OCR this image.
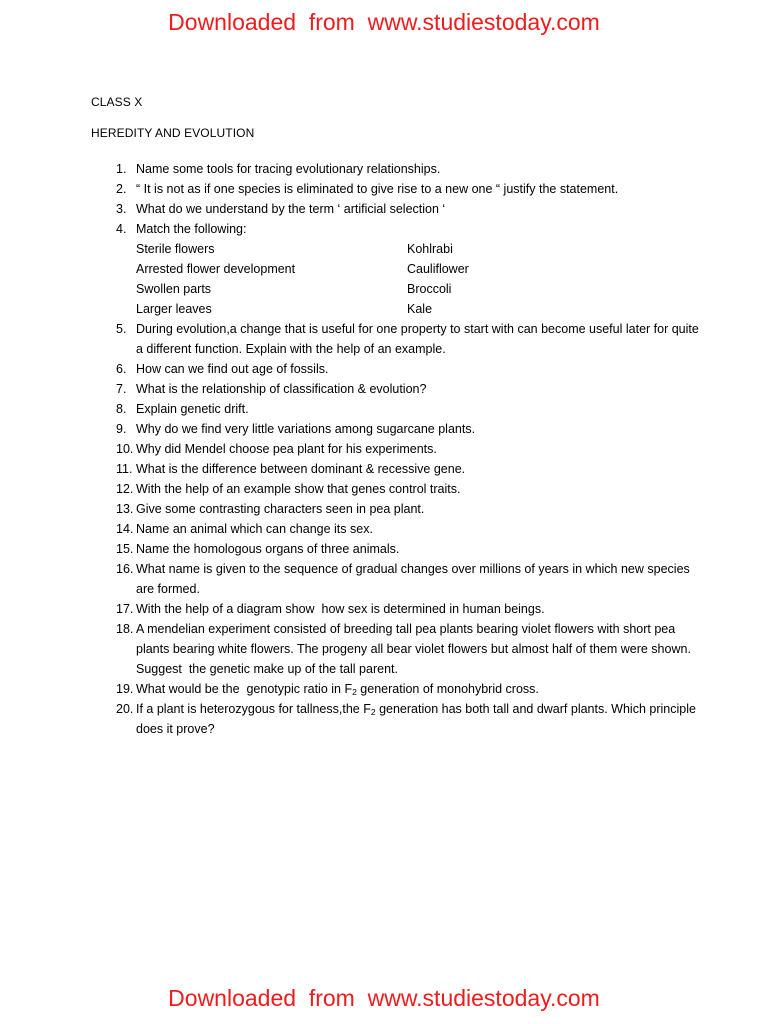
Downloaded  from  www.studiestoday.com
CLASS X
HEREDITY AND EVOLUTION
1. Name some tools for tracing evolutionary relationships.
2. “ It is not as if one species is eliminated to give rise to a new one “ justify the statement.
3. What do we understand by the term ‘ artificial selection ‘
4. Match the following:
Sterile flowers	Kohlrabi
Arrested flower development	Cauliflower
Swollen parts	Broccoli
Larger leaves	Kale
5. During evolution,a change that is useful for one property to start with can become useful later for quite a different function. Explain with the help of an example.
6. How can we find out age of fossils.
7. What is the relationship of classification & evolution?
8. Explain genetic drift.
9. Why do we find very little variations among sugarcane plants.
10. Why did Mendel choose pea plant for his experiments.
11. What is the difference between dominant & recessive gene.
12. With the help of an example show that genes control traits.
13. Give some contrasting characters seen in pea plant.
14. Name an animal which can change its sex.
15. Name the homologous organs of three animals.
16. What name is given to the sequence of gradual changes over millions of years in which new species are formed.
17. With the help of a diagram show  how sex is determined in human beings.
18. A mendelian experiment consisted of breeding tall pea plants bearing violet flowers with short pea plants bearing white flowers. The progeny all bear violet flowers but almost half of them were shown.  Suggest  the genetic make up of the tall parent.
19. What would be the  genotypic ratio in $F_2$ generation of monohybrid cross.
20. If a plant is heterozygous for tallness,the $F_2$ generation has both tall and dwarf plants. Which principle does it prove?
Downloaded  from  www.studiestoday.com
